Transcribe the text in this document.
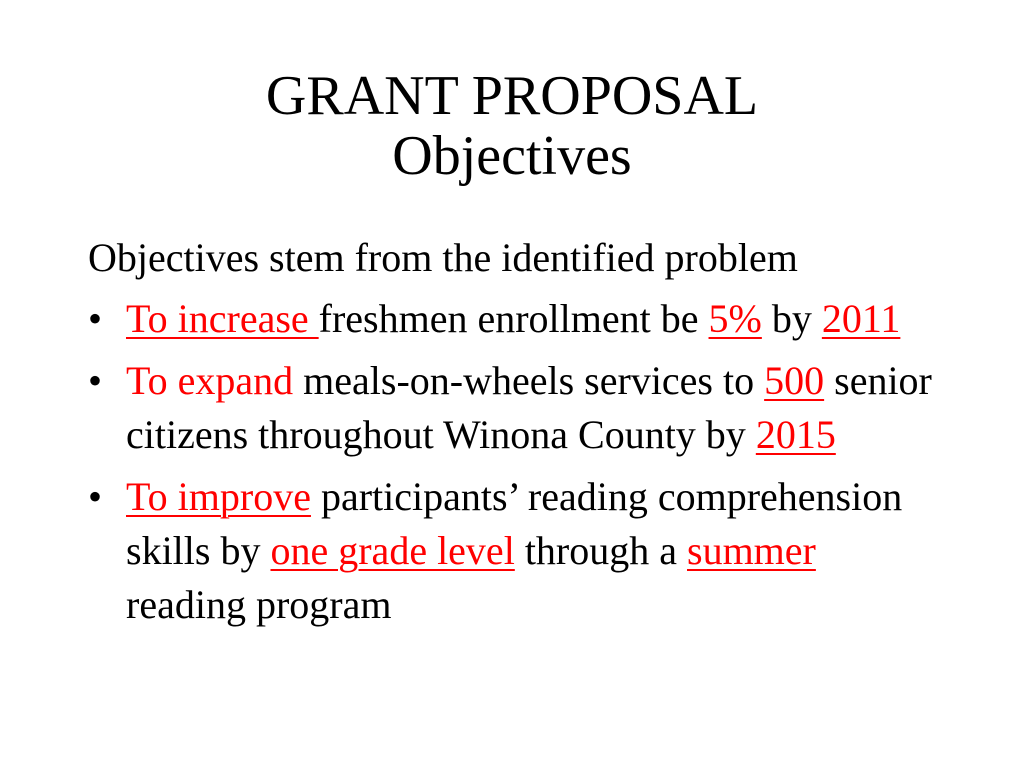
GRANT PROPOSAL
Objectives
Objectives stem from the identified problem
• To increase freshmen enrollment be 5% by 2011
• To expand meals-on-wheels services to 500 senior citizens throughout Winona County by 2015
• To improve participants’ reading comprehension skills by one grade level through a summer reading program
